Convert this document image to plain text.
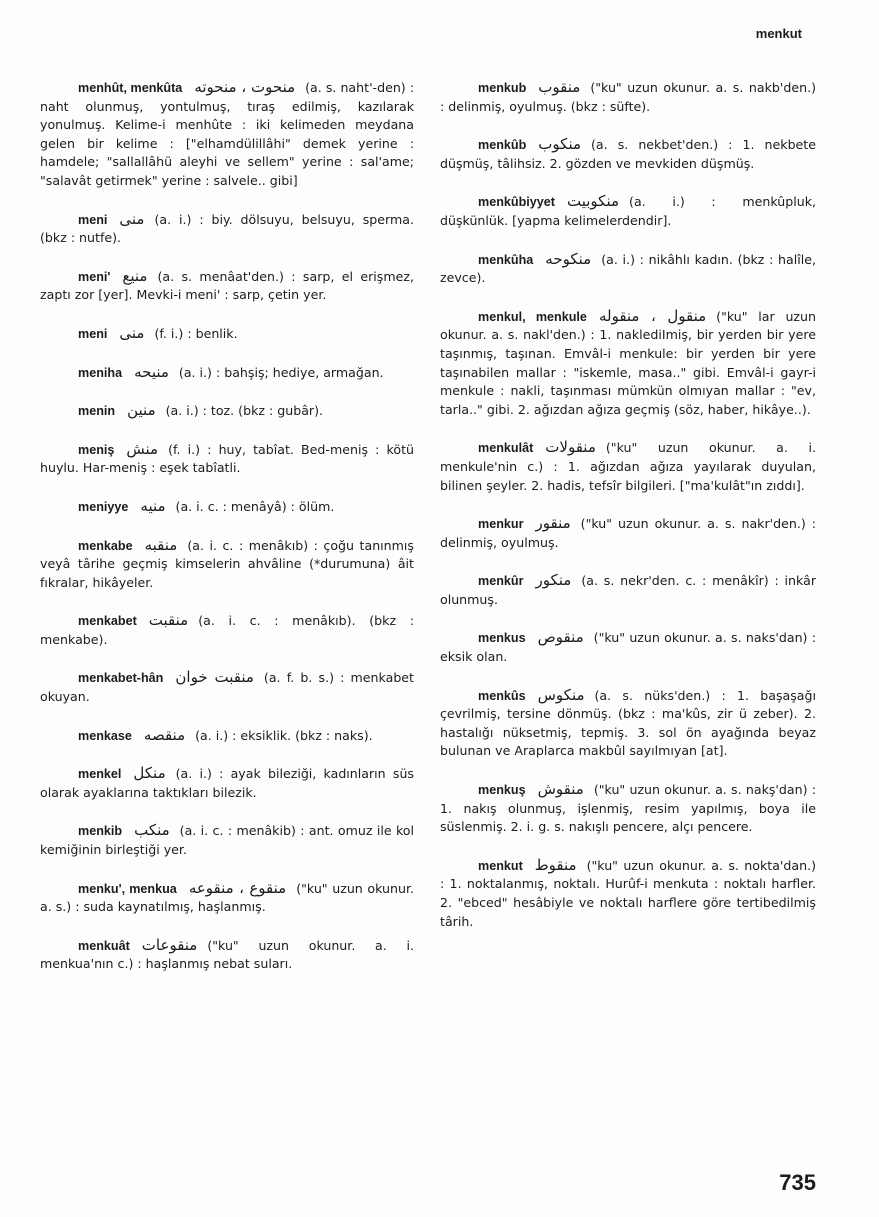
menkut

menhût, menkûta منحوت ، منحوته (a. s. naht'-den) : naht olunmuş, yontulmuş, tıraş edilmiş, kazılarak yonulmuş. Kelime-i menhûte : iki kelimeden meydana gelen bir kelime : ["elhamdülillâhi" demek yerine : hamdele; "sallallâhü aleyhi ve sellem" yerine : sal'ame; "salavât getirmek" yerine : salvele.. gibi]

meni منى (a. i.) : biy. dölsuyu, belsuyu, sperma. (bkz : nutfe).

meni' منيع (a. s. menâat'den.) : sarp, el erişmez, zaptı zor [yer]. Mevki-i meni' : sarp, çetin yer.

meni منى (f. i.) : benlik.

meniha منيحه (a. i.) : bahşiş; hediye, armağan.

menin منين (a. i.) : toz. (bkz : gubâr).

meniş منش (f. i.) : huy, tabîat. Bed-meniş : kötü huylu. Har-meniş : eşek tabîatli.

meniyye منيه (a. i. c. : menâyâ) : ölüm.

menkabe منقبه (a. i. c. : menâkıb) : çoğu tanınmış veyâ târihe geçmiş kimselerin ahvâline (*durumuna) âit fıkralar, hikâyeler.

menkabet منقبت (a. i. c. : menâkıb). (bkz : menkabe).

menkabet-hân منقبت خوان (a. f. b. s.) : menkabet okuyan.

menkase منقصه (a. i.) : eksiklik. (bkz : naks).

menkel منكل (a. i.) : ayak bileziği, kadınların süs olarak ayaklarına taktıkları bilezik.

menkib منكب (a. i. c. : menâkib) : ant. omuz ile kol kemiğinin birleştiği yer.

menku', menkua منقوع ، منقوعه ("ku" uzun okunur. a. s.) : suda kaynatılmış, haşlanmış.

menkuât منقوعات ("ku" uzun okunur. a. i. menkua'nın c.) : haşlanmış nebat suları.

menkub منقوب ("ku" uzun okunur. a. s. nakb'den.) : delinmiş, oyulmuş. (bkz : süfte).

menkûb منكوب (a. s. nekbet'den.) : 1. nekbete düşmüş, tâlihsiz. 2. gözden ve mevkiden düşmüş.

menkûbiyyet منكوبيت (a. i.) : menkûpluk, düşkünlük. [yapma kelimelerdendir].

menkûha منكوحه (a. i.) : nikâhlı kadın. (bkz : halîle, zevce).

menkul, menkule منقول ، منقوله ("ku" lar uzun okunur. a. s. nakl'den.) : 1. naklediImiş, bir yerden bir yere taşınmış, taşınan. Emvâl-i menkule: bir yerden bir yere taşınabilen mallar : "iskemle, masa.." gibi. Emvâl-i gayr-i menkule : nakli, taşınması mümkün olmıyan mallar : "ev, tarla.." gibi. 2. ağızdan ağıza geçmiş (söz, haber, hikâye..).

menkulât منقولات ("ku" uzun okunur. a. i. menkule'nin c.) : 1. ağızdan ağıza yayılarak duyulan, bilinen şeyler. 2. hadis, tefsîr bilgileri. ["ma'kulât"ın zıddı].

menkur منقور ("ku" uzun okunur. a. s. nakr'den.) : delinmiş, oyulmuş.

menkûr منكور (a. s. nekr'den. c. : menâkîr) : inkâr olunmuş.

menkus منقوص ("ku" uzun okunur. a. s. naks'dan) : eksik olan.

menkûs منكوس (a. s. nüks'den.) : 1. başaşağı çevrilmiş, tersine dönmüş. (bkz : ma'kûs, zir ü zeber). 2. hastalığı nüksetmiş, tepmiş. 3. sol ön ayağında beyaz bulunan ve Araplarca makbûl sayılmıyan [at].

menkuş منقوش ("ku" uzun okunur. a. s. nakş'dan) : 1. nakış olunmuş, işlenmiş, resim yapılmış, boya ile süslenmiş. 2. i. g. s. nakışlı pencere, alçı pencere.

menkut منقوط ("ku" uzun okunur. a. s. nokta'dan.) : 1. noktalanmış, noktalı. Hurûf-i menkuta : noktalı harfler. 2. "ebced" hesâbiyle ve noktalı harflere göre tertibedilmiş târih.

735
